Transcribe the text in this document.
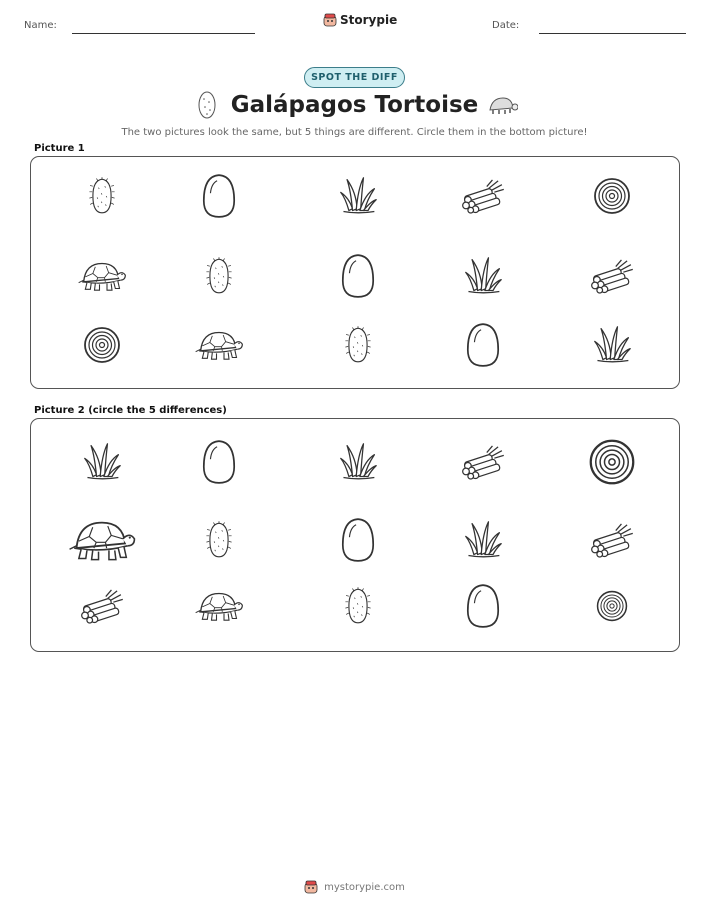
Name:	Storypie	Date:
SPOT THE DIFF
Galápagos Tortoise
The two pictures look the same, but 5 things are different. Circle them in the bottom picture!
Picture 1
Picture 2 (circle the 5 differences)
mystorypie.com
